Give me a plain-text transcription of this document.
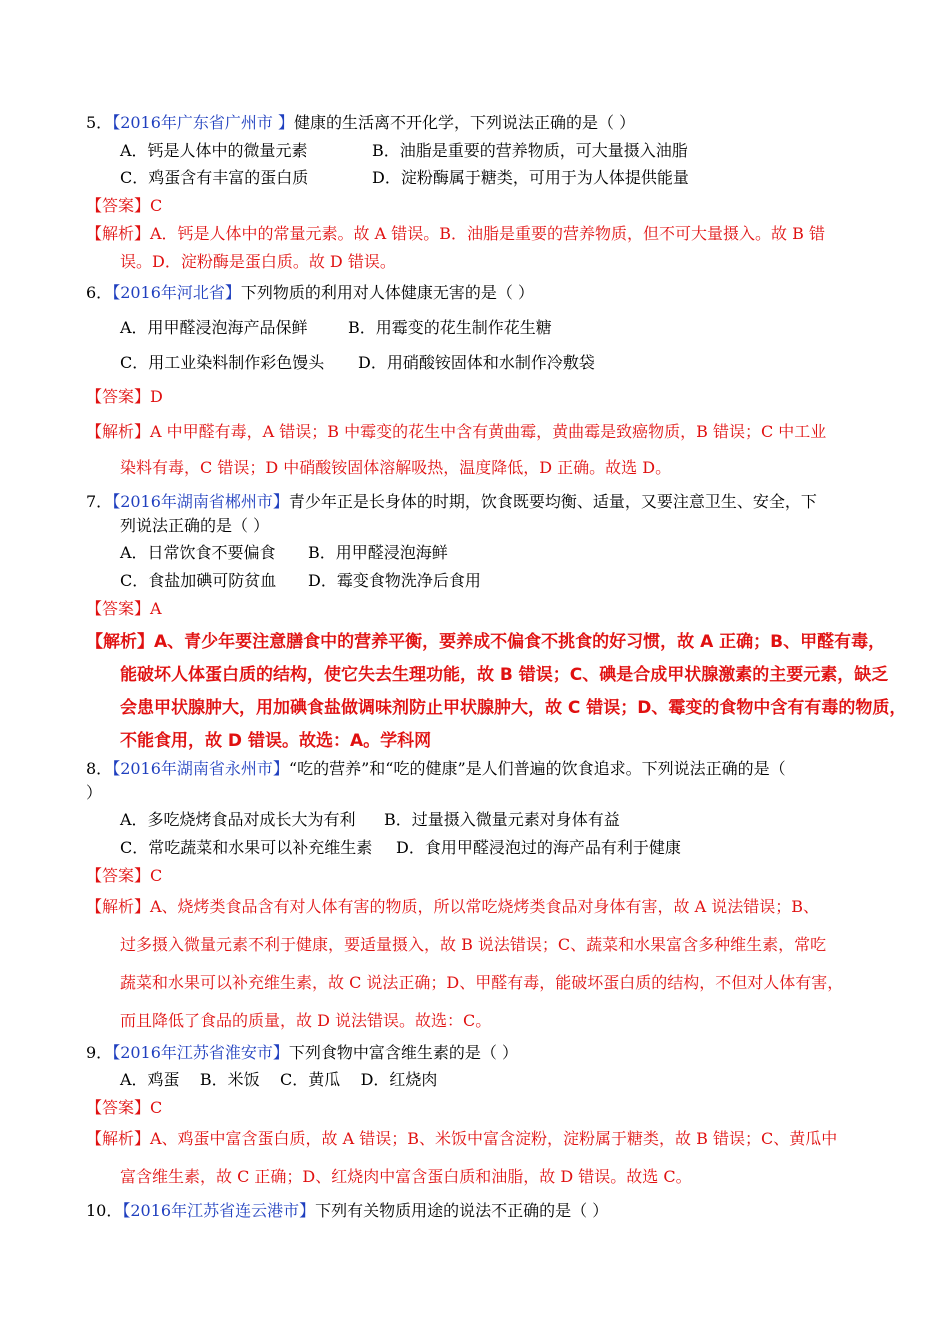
5．【2016年广东省广州市 】健康的生活离不开化学，下列说法正确的是（ ）
A．钙是人体中的微量元素	B．油脂是重要的营养物质，可大量摄入油脂
C．鸡蛋含有丰富的蛋白质	D．淀粉酶属于糖类，可用于为人体提供能量
【答案】C
【解析】A．钙是人体中的常量元素。故 A 错误。B．油脂是重要的营养物质，但不可大量摄入。故 B 错
误。D．淀粉酶是蛋白质。故 D 错误。
6．【2016年河北省】下列物质的利用对人体健康无害的是（ ）
A．用甲醛浸泡海产品保鲜	B．用霉变的花生制作花生糖
C．用工业染料制作彩色馒头 D．用硝酸铵固体和水制作冷敷袋
【答案】D
【解析】A 中甲醛有毒，A 错误；B 中霉变的花生中含有黄曲霉，黄曲霉是致癌物质，B 错误；C 中工业
染料有毒，C 错误；D 中硝酸铵固体溶解吸热，温度降低，D 正确。故选 D。
7．【2016年湖南省郴州市】青少年正是长身体的时期，饮食既要均衡、适量，又要注意卫生、安全，下
列说法正确的是（ ）
A．日常饮食不要偏食 B．用甲醛浸泡海鲜
C．食盐加碘可防贫血 D．霉变食物洗净后食用
【答案】A
【解析】A、青少年要注意膳食中的营养平衡，要养成不偏食不挑食的好习惯，故 A 正确；B、甲醛有毒，
能破坏人体蛋白质的结构，使它失去生理功能，故 B 错误；C、碘是合成甲状腺激素的主要元素，缺乏
会患甲状腺肿大，用加碘食盐做调味剂防止甲状腺肿大，故 C 错误；D、霉变的食物中含有有毒的物质，
不能食用，故 D 错误。故选：A。学科网
8．【2016年湖南省永州市】“吃的营养”和“吃的健康”是人们普遍的饮食追求。下列说法正确的是（
）
A．多吃烧烤食品对成长大为有利 B．过量摄入微量元素对身体有益
C．常吃蔬菜和水果可以补充维生素 D．食用甲醛浸泡过的海产品有利于健康
【答案】C
【解析】A、烧烤类食品含有对人体有害的物质，所以常吃烧烤类食品对身体有害，故 A 说法错误；B、
过多摄入微量元素不利于健康，要适量摄入，故 B 说法错误；C、蔬菜和水果富含多种维生素，常吃
蔬菜和水果可以补充维生素，故 C 说法正确；D、甲醛有毒，能破坏蛋白质的结构，不但对人体有害，
而且降低了食品的质量，故 D 说法错误。故选：C。
9．【2016年江苏省淮安市】下列食物中富含维生素的是（ ）
A．鸡蛋    B．米饭    C．黄瓜    D．红烧肉
【答案】C
【解析】A、鸡蛋中富含蛋白质，故 A 错误；B、米饭中富含淀粉，淀粉属于糖类，故 B 错误；C、黄瓜中
富含维生素，故 C 正确；D、红烧肉中富含蛋白质和油脂，故 D 错误。故选 C。
10．【2016年江苏省连云港市】下列有关物质用途的说法不正确的是（ ）
